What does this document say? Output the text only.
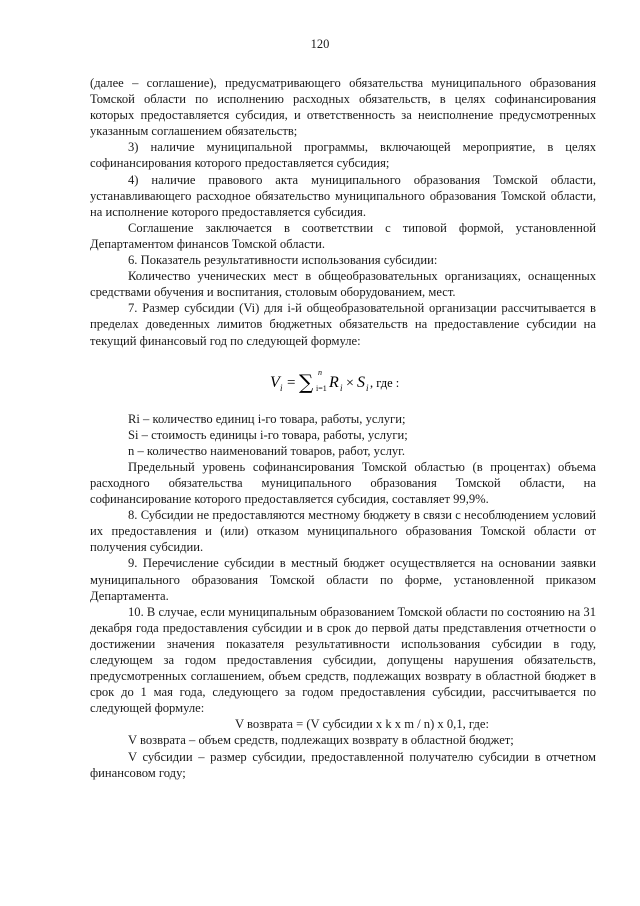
120

(далее – соглашение), предусматривающего обязательства муниципального образования Томской области по исполнению расходных обязательств, в целях софинансирования которых предоставляется субсидия, и ответственность за неисполнение предусмотренных указанным соглашением обязательств;

3) наличие муниципальной программы, включающей мероприятие, в целях софинансирования которого предоставляется субсидия;

4) наличие правового акта муниципального образования Томской области, устанавливающего расходное обязательство муниципального образования Томской области, на исполнение которого предоставляется субсидия.

Соглашение заключается в соответствии с типовой формой, установленной Департаментом финансов Томской области.

6. Показатель результативности использования субсидии:

Количество ученических мест в общеобразовательных организациях, оснащенных средствами обучения и воспитания, столовым оборудованием, мест.

7. Размер субсидии (Vi) для i-й общеобразовательной организации рассчитывается в пределах доведенных лимитов бюджетных обязательств на предоставление субсидии на текущий финансовый год по следующей формуле:

V i = ∑ n
i=1 R i × S i , где :

Ri – количество единиц i-го товара, работы, услуги;

Si – стоимость единицы i-го товара, работы, услуги;

n – количество наименований товаров, работ, услуг.

Предельный уровень софинансирования Томской областью (в процентах) объема расходного обязательства муниципального образования Томской области, на софинансирование которого предоставляется субсидия, составляет 99,9%.

8. Субсидии не предоставляются местному бюджету в связи с несоблюдением условий их предоставления и (или) отказом муниципального образования Томской области от получения субсидии.

9. Перечисление субсидии в местный бюджет осуществляется на основании заявки муниципального образования Томской области по форме, установленной приказом Департамента.

10. В случае, если муниципальным образованием Томской области по состоянию на 31 декабря года предоставления субсидии и в срок до первой даты представления отчетности о достижении значения показателя результативности использования субсидии в году, следующем за годом предоставления субсидии, допущены нарушения обязательств, предусмотренных соглашением, объем средств, подлежащих возврату в областной бюджет в срок до 1 мая года, следующего за годом предоставления субсидии, рассчитывается по следующей формуле:

V возврата = (V субсидии x k x m / n) x 0,1, где:

V возврата – объем средств, подлежащих возврату в областной бюджет;

V субсидии – размер субсидии, предоставленной получателю субсидии в отчетном финансовом году;
